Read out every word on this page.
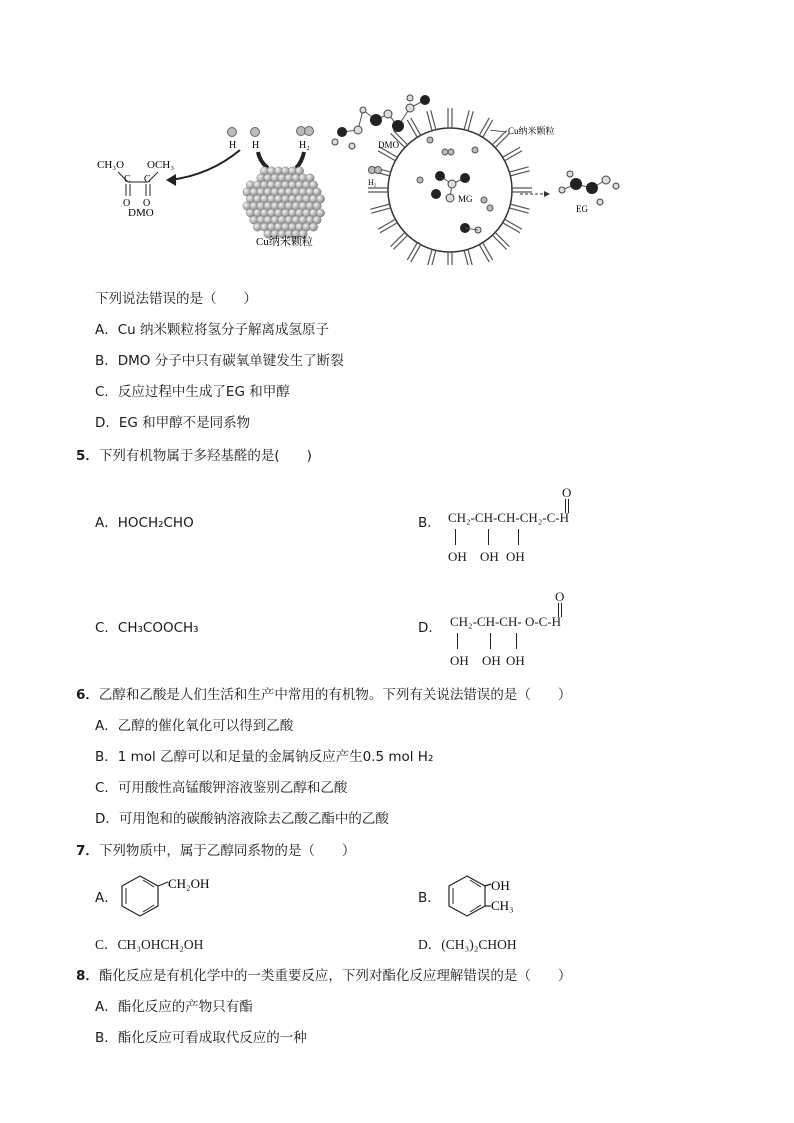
CH₃O OCH₃
C C
O O
DMO
H H	H₂
Cu纳米颗粒
Cu纳米颗粒
DMO
H₂
MG
EG
下列说法错误的是（　　）
A．Cu 纳米颗粒将氢分子解离成氢原子
B．DMO 分子中只有碳氧单键发生了断裂
C．反应过程中生成了EG 和甲醇
D．EG 和甲醇不是同系物
5．下列有机物属于多羟基醛的是(　　)
A．HOCH₂CHO	B．
O
CH₂-CH-CH-CH₂-C-H
OH OH OH
C．CH₃COOCH₃	D．
O
CH₂-CH-CH- O-C-H
OH OH OH
6．乙醇和乙酸是人们生活和生产中常用的有机物。下列有关说法错误的是（　　）
A．乙醇的催化氧化可以得到乙酸
B．1 mol 乙醇可以和足量的金属钠反应产生0.5 mol H₂
C．可用酸性高锰酸钾溶液鉴别乙醇和乙酸
D．可用饱和的碳酸钠溶液除去乙酸乙酯中的乙酸
7．下列物质中，属于乙醇同系物的是（　　）
A．
CH₂OH
B．
OH
CH₃
C．CH₃OHCH₂OH	D．(CH₃)₂CHOH
8．酯化反应是有机化学中的一类重要反应，下列对酯化反应理解错误的是（　　）
A．酯化反应的产物只有酯
B．酯化反应可看成取代反应的一种
